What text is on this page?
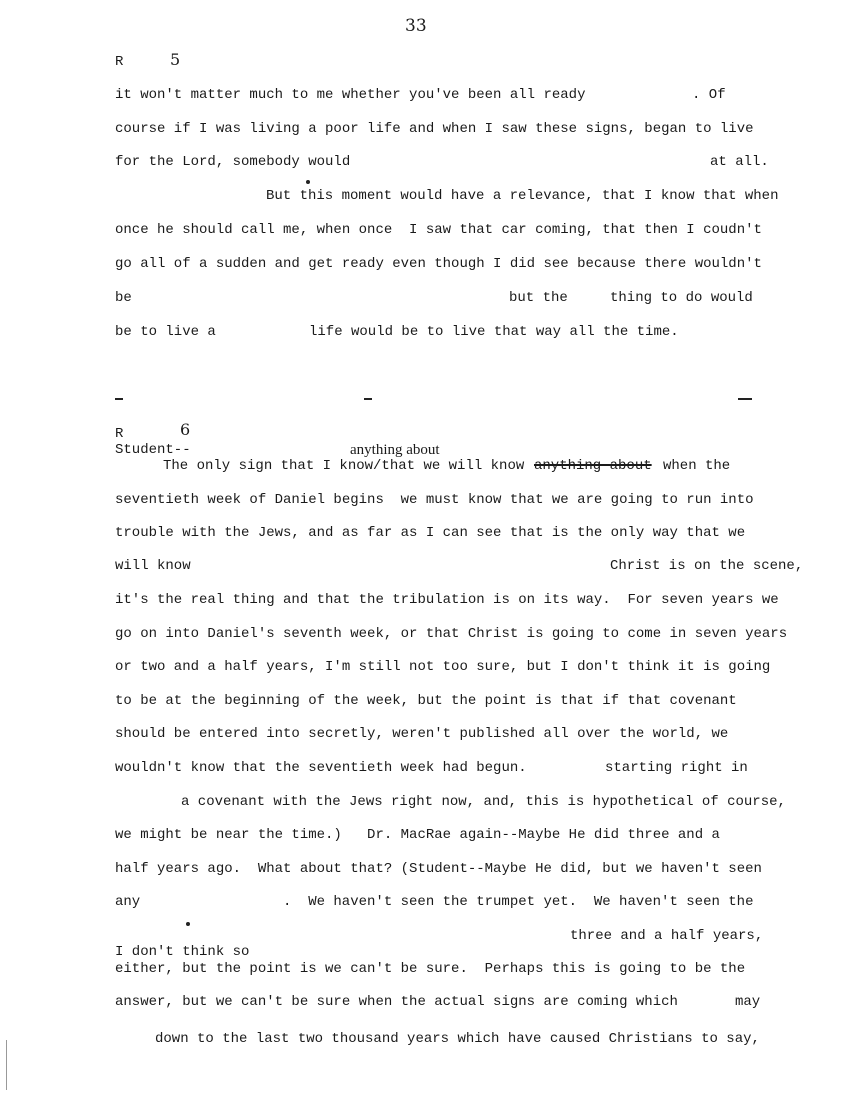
33
R	5
it won't matter much to me whether you've been all ready	. Of
course if I was living a poor life and when I saw these signs, began to live
for the Lord, somebody would	at all.
But this moment would have a relevance, that I know that when
once he should call me, when once  I saw that car coming, that then I coudn't
go all of a sudden and get ready even though I did see because there wouldn't
be	but the	thing to do would
be to live a	life would be to live that way all the time.
R	6
Student--	anything about
The only sign that I know/that we will know anything about when the
seventieth week of Daniel begins  we must know that we are going to run into
trouble with the Jews, and as far as I can see that is the only way that we
will know	Christ is on the scene,
it's the real thing and that the tribulation is on its way.  For seven years we
go on into Daniel's seventh week, or that Christ is going to come in seven years
or two and a half years, I'm still not too sure, but I don't think it is going
to be at the beginning of the week, but the point is that if that covenant
should be entered into secretly, weren't published all over the world, we
wouldn't know that the seventieth week had begun.	starting right in
a covenant with the Jews right now, and, this is hypothetical of course,
we might be near the time.)   Dr. MacRae again--Maybe He did three and a
half years ago.  What about that? (Student--Maybe He did, but we haven't seen
any	.  We haven't seen the trumpet yet.  We haven't seen the
three and a half years,
I don't think so
either, but the point is we can't be sure.  Perhaps this is going to be the
answer, but we can't be sure when the actual signs are coming which	may
down to the last two thousand years which have caused Christians to say,
